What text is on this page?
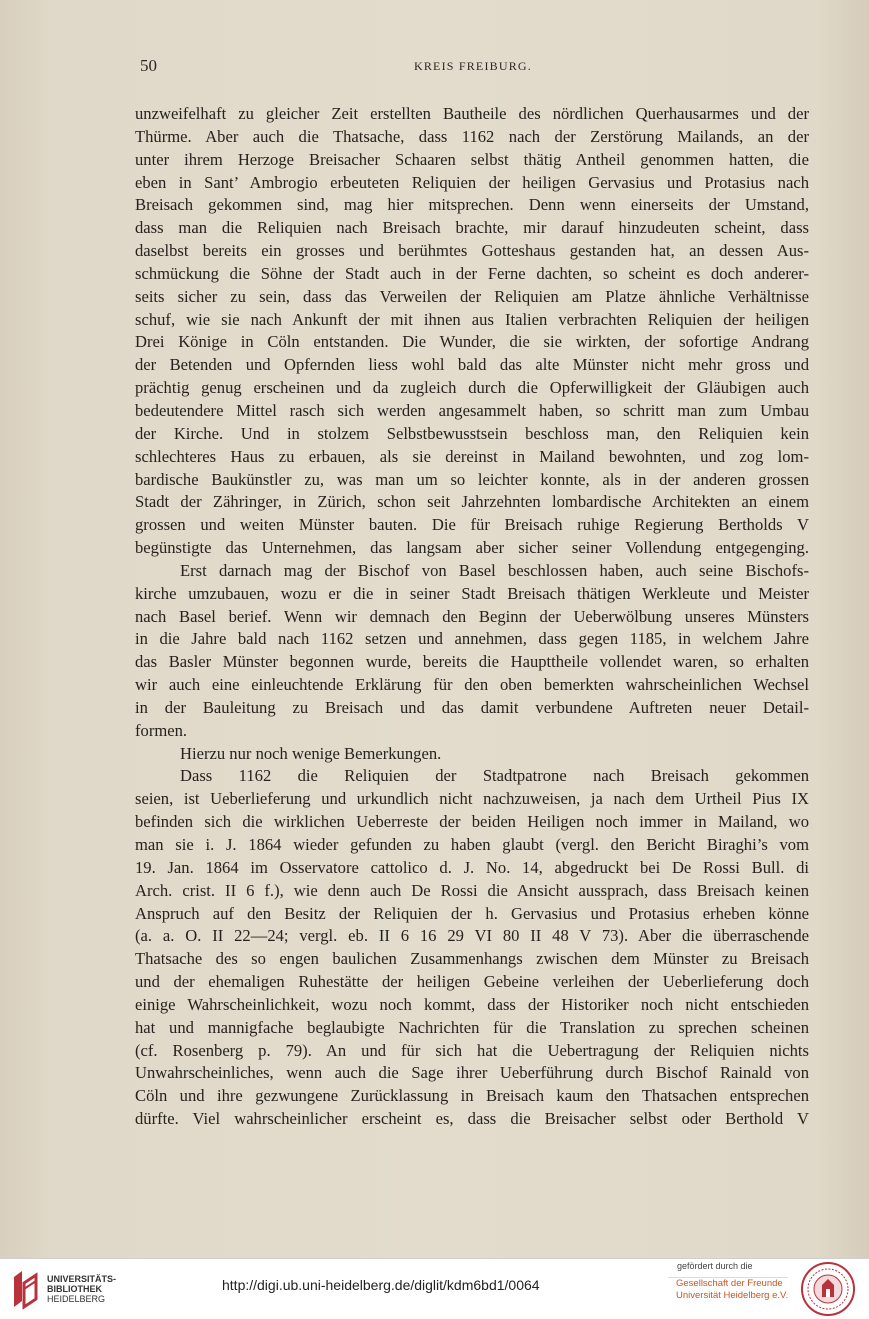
50	KREIS FREIBURG.
unzweifelhaft zu gleicher Zeit erstellten Bautheile des nördlichen Querhausarmes und der
Thürme. Aber auch die Thatsache, dass 1162 nach der Zerstörung Mailands, an der
unter ihrem Herzoge Breisacher Schaaren selbst thätig Antheil genommen hatten, die
eben in Sant’ Ambrogio erbeuteten Reliquien der heiligen Gervasius und Protasius nach
Breisach gekommen sind, mag hier mitsprechen. Denn wenn einerseits der Umstand,
dass man die Reliquien nach Breisach brachte, mir darauf hinzudeuten scheint, dass
daselbst bereits ein grosses und berühmtes Gotteshaus gestanden hat, an dessen Aus-
schmückung die Söhne der Stadt auch in der Ferne dachten, so scheint es doch anderer-
seits sicher zu sein, dass das Verweilen der Reliquien am Platze ähnliche Verhältnisse
schuf, wie sie nach Ankunft der mit ihnen aus Italien verbrachten Reliquien der heiligen
Drei Könige in Cöln entstanden. Die Wunder, die sie wirkten, der sofortige Andrang
der Betenden und Opfernden liess wohl bald das alte Münster nicht mehr gross und
prächtig genug erscheinen und da zugleich durch die Opferwilligkeit der Gläubigen auch
bedeutendere Mittel rasch sich werden angesammelt haben, so schritt man zum Umbau
der Kirche. Und in stolzem Selbstbewusstsein beschloss man, den Reliquien kein
schlechteres Haus zu erbauen, als sie dereinst in Mailand bewohnten, und zog lom-
bardische Baukünstler zu, was man um so leichter konnte, als in der anderen grossen
Stadt der Zähringer, in Zürich, schon seit Jahrzehnten lombardische Architekten an einem
grossen und weiten Münster bauten. Die für Breisach ruhige Regierung Bertholds V
begünstigte das Unternehmen, das langsam aber sicher seiner Vollendung entgegenging.
Erst darnach mag der Bischof von Basel beschlossen haben, auch seine Bischofs-
kirche umzubauen, wozu er die in seiner Stadt Breisach thätigen Werkleute und Meister
nach Basel berief. Wenn wir demnach den Beginn der Ueberwölbung unseres Münsters
in die Jahre bald nach 1162 setzen und annehmen, dass gegen 1185, in welchem Jahre
das Basler Münster begonnen wurde, bereits die Haupttheile vollendet waren, so erhalten
wir auch eine einleuchtende Erklärung für den oben bemerkten wahrscheinlichen Wechsel
in der Bauleitung zu Breisach und das damit verbundene Auftreten neuer Detail-
formen.
Hierzu nur noch wenige Bemerkungen.
Dass 1162 die Reliquien der Stadtpatrone nach Breisach gekommen
seien, ist Ueberlieferung und urkundlich nicht nachzuweisen, ja nach dem Urtheil Pius IX
befinden sich die wirklichen Ueberreste der beiden Heiligen noch immer in Mailand, wo
man sie i. J. 1864 wieder gefunden zu haben glaubt (vergl. den Bericht Biraghi’s vom
19. Jan. 1864 im Osservatore cattolico d. J. No. 14, abgedruckt bei De Rossi Bull. di
Arch. crist. II 6 f.), wie denn auch De Rossi die Ansicht aussprach, dass Breisach keinen
Anspruch auf den Besitz der Reliquien der h. Gervasius und Protasius erheben könne
(a. a. O. II 22—24; vergl. eb. II 6 16 29 VI 80 II 48 V 73). Aber die überraschende
Thatsache des so engen baulichen Zusammenhangs zwischen dem Münster zu Breisach
und der ehemaligen Ruhestätte der heiligen Gebeine verleihen der Ueberlieferung doch
einige Wahrscheinlichkeit, wozu noch kommt, dass der Historiker noch nicht entschieden
hat und mannigfache beglaubigte Nachrichten für die Translation zu sprechen scheinen
(cf. Rosenberg p. 79). An und für sich hat die Uebertragung der Reliquien nichts
Unwahrscheinliches, wenn auch die Sage ihrer Ueberführung durch Bischof Rainald von
Cöln und ihre gezwungene Zurücklassung in Breisach kaum den Thatsachen entsprechen
dürfte. Viel wahrscheinlicher erscheint es, dass die Breisacher selbst oder Berthold V
UNIVERSITÄTS-
BIBLIOTHEK
HEIDELBERG
http://digi.ub.uni-heidelberg.de/diglit/kdm6bd1/0064
gefördert durch die
Gesellschaft der Freunde
Universität Heidelberg e.V.
